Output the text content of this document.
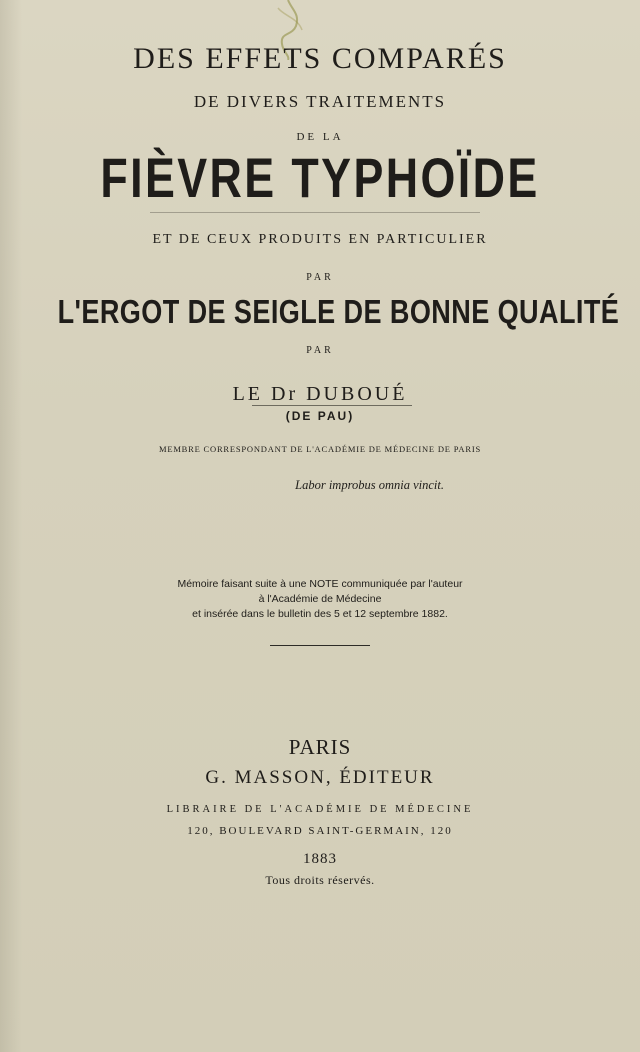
DES EFFETS COMPARÉS
DE DIVERS TRAITEMENTS
DE LA
FIÈVRE TYPHOÏDE
ET DE CEUX PRODUITS EN PARTICULIER
PAR
L'ERGOT DE SEIGLE DE BONNE QUALITÉ
PAR
LE Dr DUBOUÉ
(DE PAU)
MEMBRE CORRESPONDANT DE L'ACADÉMIE DE MÉDECINE DE PARIS
Labor improbus omnia vincit.
Mémoire faisant suite à une NOTE communiquée par l'auteur
à l'Académie de Médecine
et insérée dans le bulletin des 5 et 12 septembre 1882.
PARIS
G. MASSON, ÉDITEUR
LIBRAIRE DE L'ACADÉMIE DE MÉDECINE
120, BOULEVARD SAINT-GERMAIN, 120
1883
Tous droits réservés.
